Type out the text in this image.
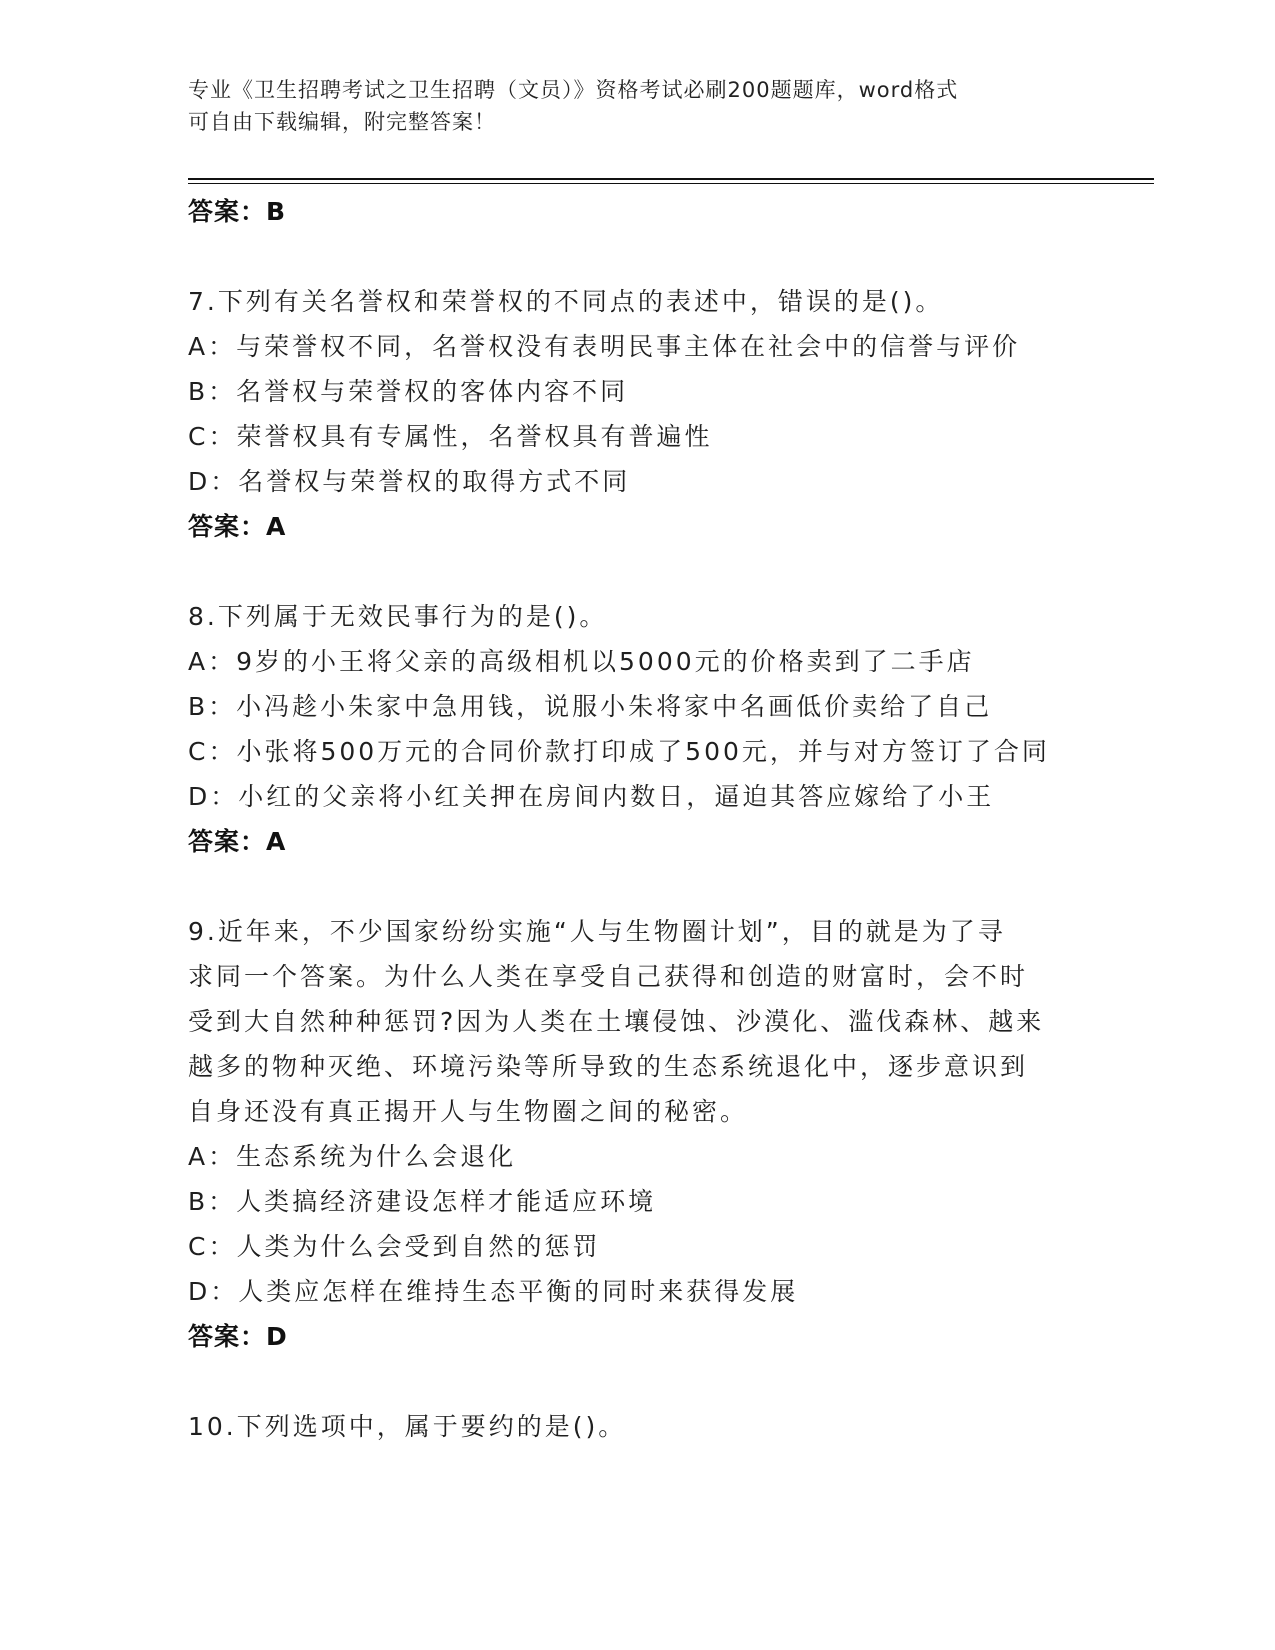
专业《卫生招聘考试之卫生招聘（文员）》资格考试必刷200题题库，word格式
可自由下载编辑，附完整答案！
答案：B
7.下列有关名誉权和荣誉权的不同点的表述中，错误的是()。
A：与荣誉权不同，名誉权没有表明民事主体在社会中的信誉与评价
B：名誉权与荣誉权的客体内容不同
C：荣誉权具有专属性，名誉权具有普遍性
D：名誉权与荣誉权的取得方式不同
答案：A
8.下列属于无效民事行为的是()。
A：9岁的小王将父亲的高级相机以5000元的价格卖到了二手店
B：小冯趁小朱家中急用钱，说服小朱将家中名画低价卖给了自己
C：小张将500万元的合同价款打印成了500元，并与对方签订了合同
D：小红的父亲将小红关押在房间内数日，逼迫其答应嫁给了小王
答案：A
9.近年来，不少国家纷纷实施“人与生物圈计划”，目的就是为了寻
求同一个答案。为什么人类在享受自己获得和创造的财富时，会不时
受到大自然种种惩罚?因为人类在土壤侵蚀、沙漠化、滥伐森林、越来
越多的物种灭绝、环境污染等所导致的生态系统退化中，逐步意识到
自身还没有真正揭开人与生物圈之间的秘密。
A：生态系统为什么会退化
B：人类搞经济建设怎样才能适应环境
C：人类为什么会受到自然的惩罚
D：人类应怎样在维持生态平衡的同时来获得发展
答案：D
10.下列选项中，属于要约的是()。
